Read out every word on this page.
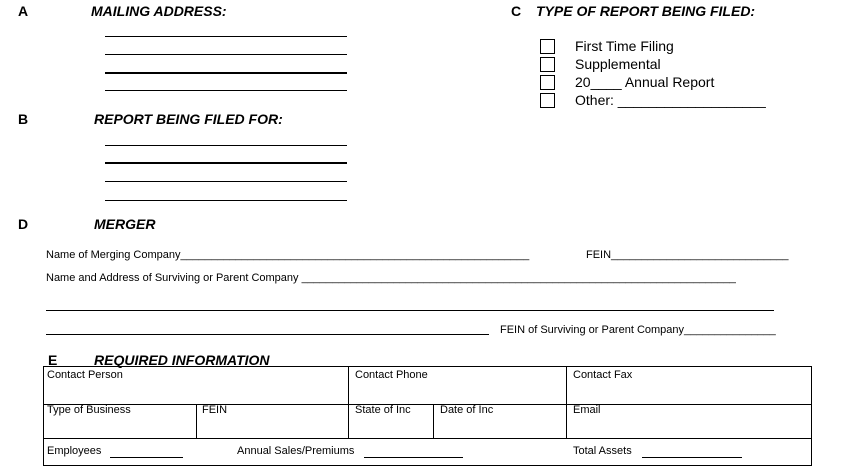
A	MAILING ADDRESS:
B	REPORT BEING FILED FOR:
C TYPE OF REPORT BEING FILED:
First Time Filing
Supplemental
20____ Annual Report
Other: ___________________
D	MERGER
Name of Merging Company_________________________________________________________	FEIN_____________________________
Name and Address of Surviving or Parent Company _______________________________________________________________________
FEIN of Surviving or Parent Company_______________
E	REQUIRED INFORMATION
Contact Person	Contact Phone	Contact Fax
Type of Business	FEIN	State of Inc	Date of Inc	Email
Employees	Annual Sales/Premiums	Total Assets
